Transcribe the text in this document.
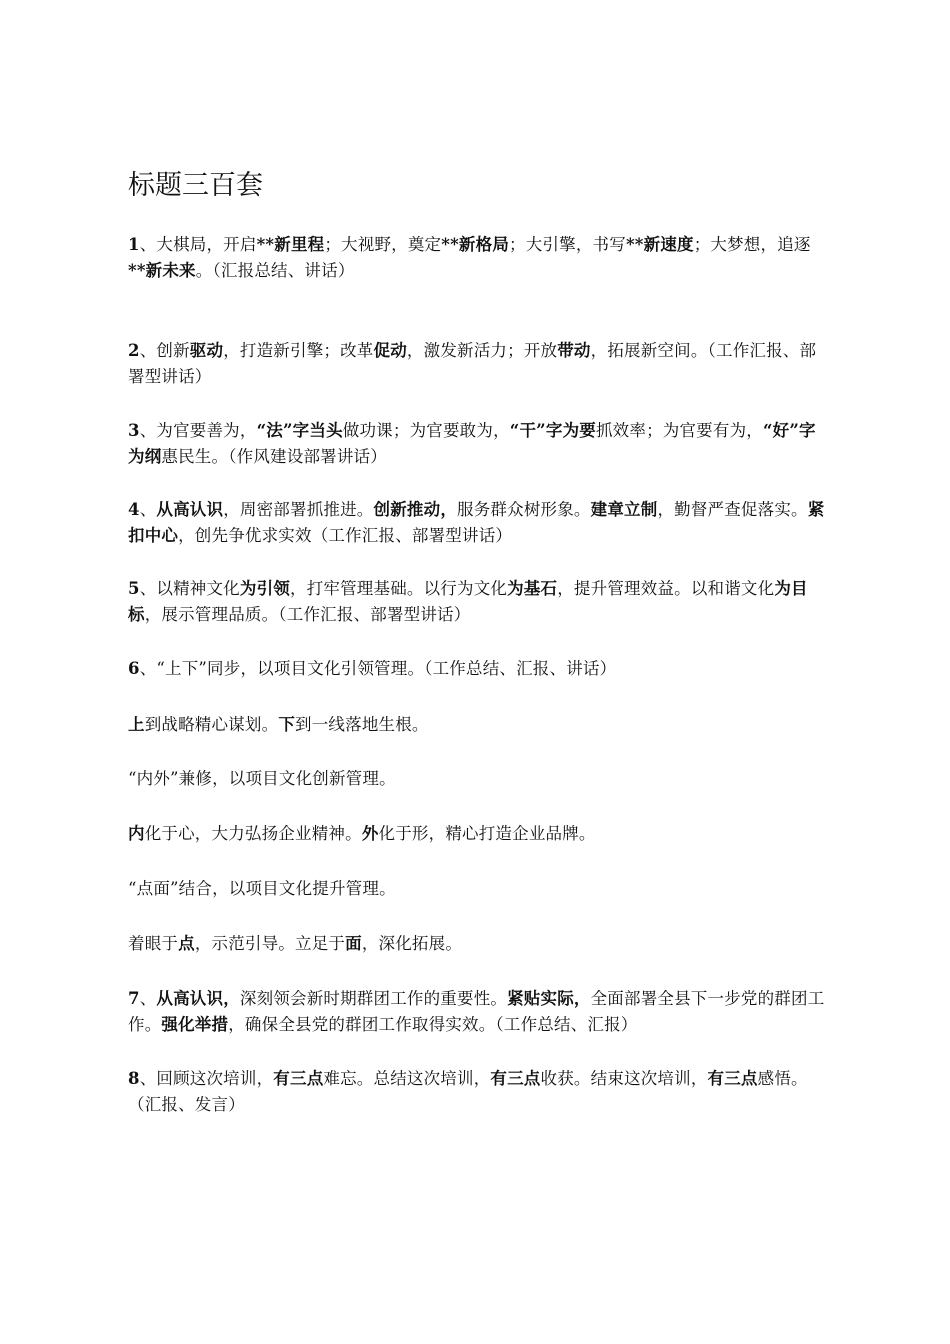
标题三百套

1、大棋局，开启**新里程；大视野，奠定**新格局；大引擎，书写**新速度；大梦想，追逐**新未来。（汇报总结、讲话）

2、创新驱动，打造新引擎；改革促动，激发新活力；开放带动，拓展新空间。（工作汇报、部署型讲话）

3、为官要善为，“法”字当头做功课；为官要敢为，“干”字为要抓效率；为官要有为，“好”字为纲惠民生。（作风建设部署讲话）

4、从高认识，周密部署抓推进。创新推动，服务群众树形象。建章立制，勤督严查促落实。紧扣中心，创先争优求实效（工作汇报、部署型讲话）

5、以精神文化为引领，打牢管理基础。以行为文化为基石，提升管理效益。以和谐文化为目标，展示管理品质。（工作汇报、部署型讲话）

6、“上下”同步，以项目文化引领管理。（工作总结、汇报、讲话）

上到战略精心谋划。下到一线落地生根。

“内外”兼修，以项目文化创新管理。

内化于心，大力弘扬企业精神。外化于形，精心打造企业品牌。

“点面”结合，以项目文化提升管理。

着眼于点，示范引导。立足于面，深化拓展。

7、从高认识，深刻领会新时期群团工作的重要性。紧贴实际，全面部署全县下一步党的群团工作。强化举措，确保全县党的群团工作取得实效。（工作总结、汇报）

8、回顾这次培训，有三点难忘。总结这次培训，有三点收获。结束这次培训，有三点感悟。（汇报、发言）
